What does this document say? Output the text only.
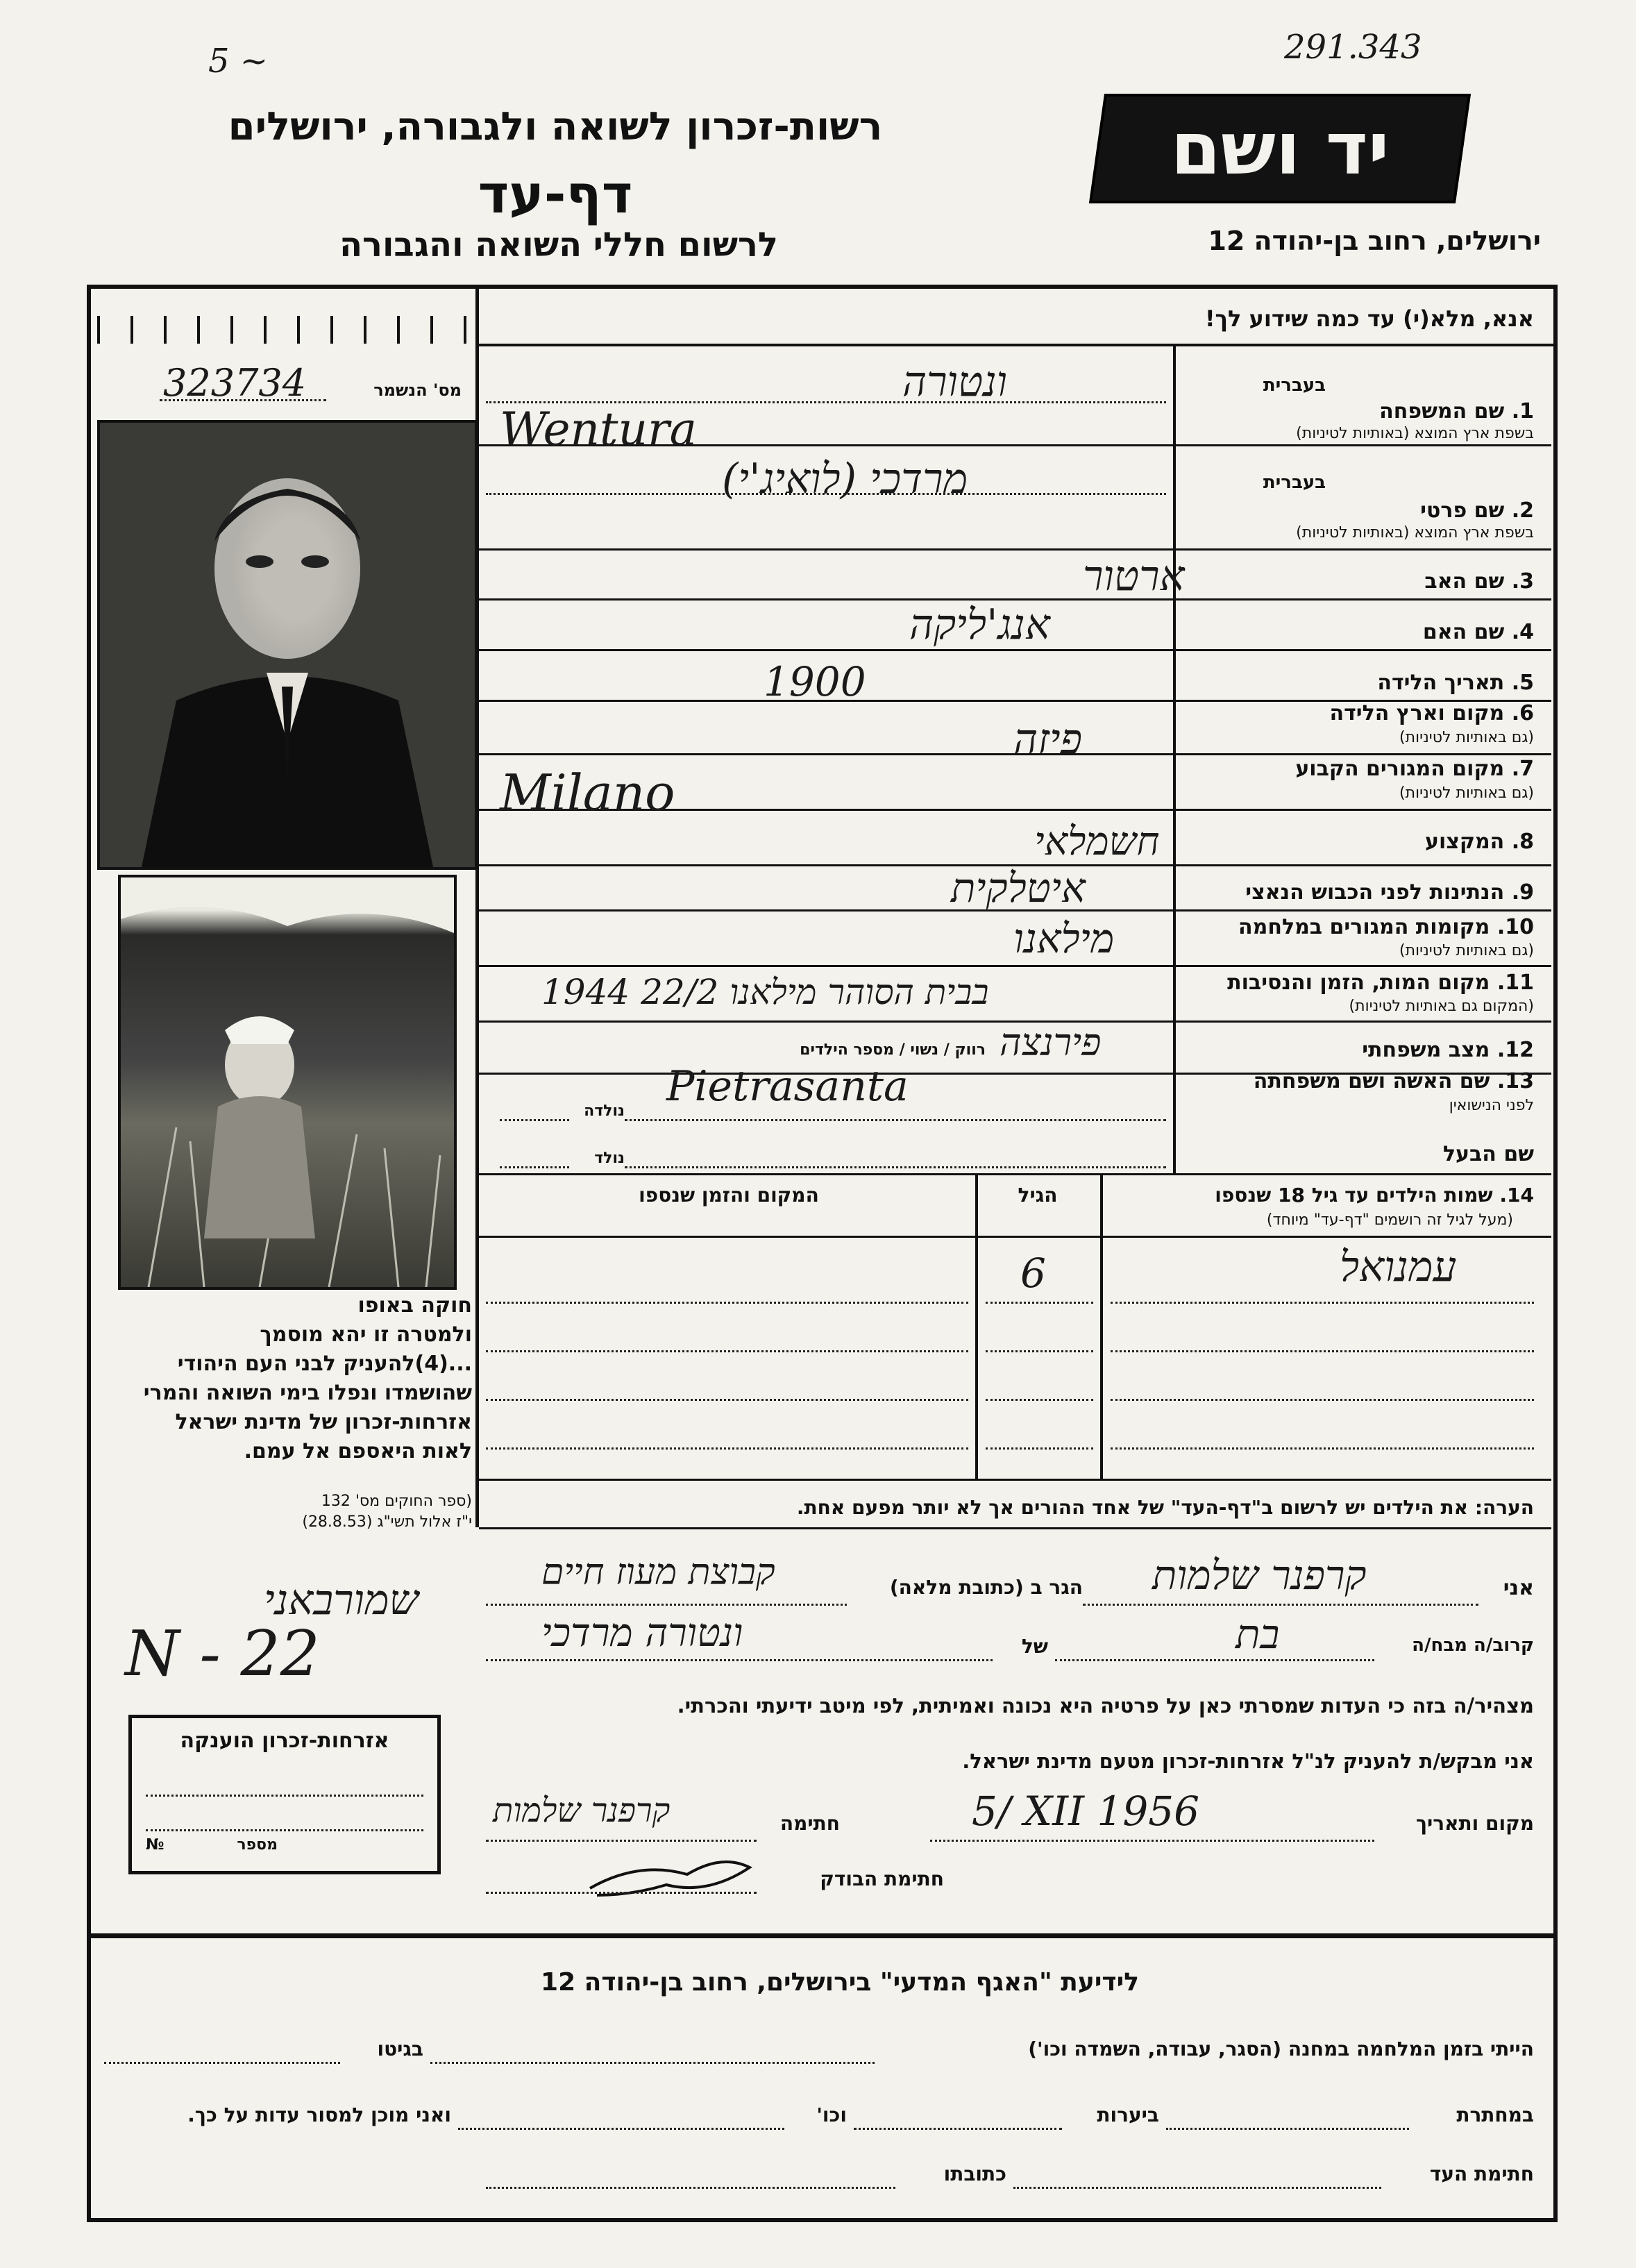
291.343
5 ~
רשות-זכרון לשואה ולגבורה, ירושלים
דף-עד
לרשום חללי השואה והגבורה
יד ושם
ירושלים, רחוב בן-יהודה 12
אנא, מלא(י) עד כמה שידוע לך!
מס' הנשמר
323734
חוקה באופו
ולמטרה זו יהא מוסמך
...(4)להעניק לבני העם היהודי
שהושמדו ונפלו בימי השואה והמרי
אזרחות-זכרון של מדינת ישראל
לאות היאספם אל עמם.
(ספר החוקים מס' 132
י"ז אלול תשי"ג (28.8.53)
בעברית
1. שם המשפחה
בשפת ארץ המוצא (באותיות לטיניות)
ונטורה
Wentura
בעברית
2. שם פרטי
בשפת ארץ המוצא (באותיות לטיניות)
מרדכי (לואיג'י)
3. שם האב
ארטור
4. שם האם
אנג'ליקה
5. תאריך הלידה
1900
6. מקום וארץ הלידה
(גם באותיות לטיניות)
פיזה
7. מקום המגורים הקבוע
(גם באותיות לטיניות)
Milano
8. המקצוע
חשמלאי
9. הנתינות לפני הכבוש הנאצי
איטלקית
10. מקומות המגורים במלחמה
(גם באותיות לטיניות)
מילאנו
11. מקום המות, הזמן והנסיבות
(המקום גם באותיות לטיניות)
בבית הסוהר מילאנו 22/2 1944
12. מצב משפחתי
רווק / נשוי / מספר הילדים פירנצה
13. שם האשה ושם משפחתה
לפני הנישואין
Pietrasanta
נולדה
שם הבעל
נולד
14. שמות הילדים עד גיל 18 שנספו
(מעל לגיל זה רושמים "דף-עד" מיוחד)
הגיל
המקום והזמן שנספו
עמנואל
6
הערה: את הילדים יש לרשום ב"דף-העד" של אחד ההורים אך לא יותר מפעם אחת.
אני
קרפנר שלמות
הגר ב (כתובת מלאה)
קבוצת מעוז חיים
קרוב/ה מבח/ה
בת
של
ונטורה מרדכי
מצהיר/ה בזה כי העדות שמסרתי כאן על פרטיה היא נכונה ואמיתית, לפי מיטב ידיעתי והכרתי.
אני מבקש/ת להעניק לנ"ל אזרחות-זכרון מטעם מדינת ישראל.
מקום ותאריך
5/ XII 1956
חתימה
קרפנר שלמות
חתימת הבודק
אזרחות-זכרון הוענקה
№	מספר
שמורבאני
N - 22
לידיעת "האגף המדעי" בירושלים, רחוב בן-יהודה 12
הייתי בזמן המלחמה במחנה (הסגר, עבודה, השמדה וכו')
בגיטו
במחתרת
ביערות
וכו'
ואני מוכן למסור עדות על כך.
חתימת העד
כתובתו
